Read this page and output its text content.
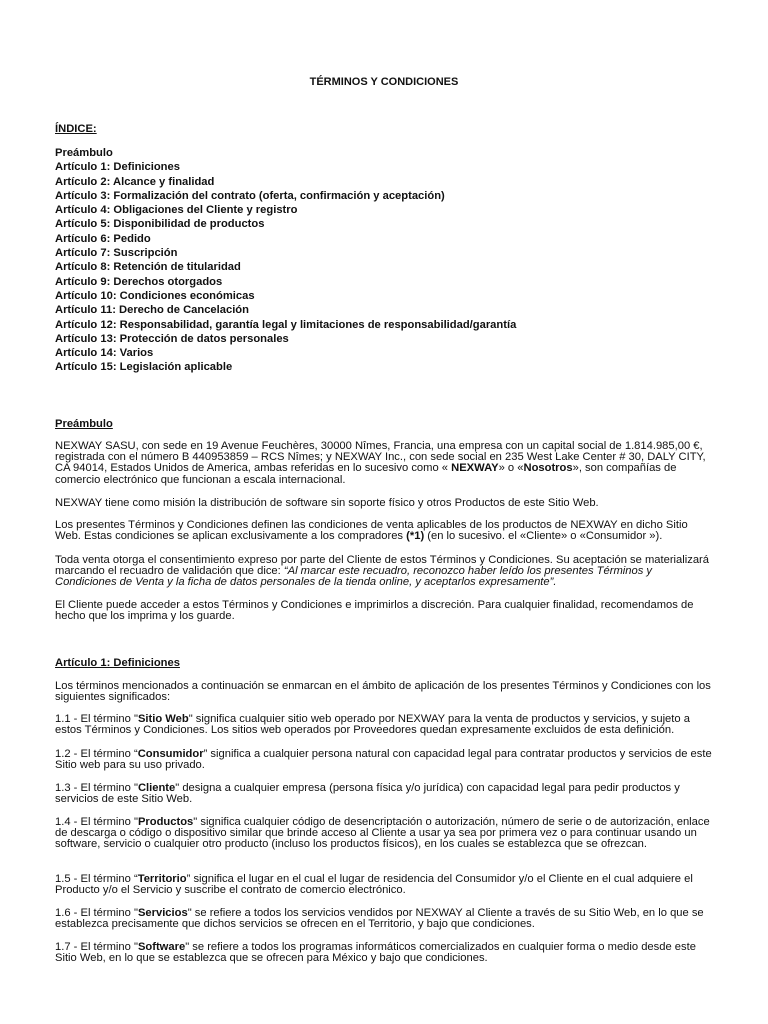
TÉRMINOS Y CONDICIONES
ÍNDICE:
Preámbulo
Artículo 1: Definiciones
Artículo 2: Alcance y finalidad
Artículo 3: Formalización del contrato (oferta, confirmación y aceptación)
Artículo 4: Obligaciones del Cliente y registro
Artículo 5: Disponibilidad de productos
Artículo 6: Pedido
Artículo 7: Suscripción
Artículo 8: Retención de titularidad
Artículo 9: Derechos otorgados
Artículo 10: Condiciones económicas
Artículo 11: Derecho de Cancelación
Artículo 12: Responsabilidad, garantía legal y limitaciones de responsabilidad/garantía
Artículo 13: Protección de datos personales
Artículo 14: Varios
Artículo 15: Legislación aplicable
Preámbulo

NEXWAY SASU, con sede en 19 Avenue Feuchères, 30000 Nîmes, Francia, una empresa con un capital social de 1.814.985,00 €, registrada con el número B 440953859 – RCS Nîmes; y NEXWAY Inc., con sede social en 235 West Lake Center # 30, DALY CITY, CA 94014, Estados Unidos de America, ambas referidas en lo sucesivo como « NEXWAY» o «Nosotros», son compañías de comercio electrónico que funcionan a escala internacional.

NEXWAY tiene como misión la distribución de software sin soporte físico y otros Productos de este Sitio Web.

Los presentes Términos y Condiciones definen las condiciones de venta aplicables de los productos de NEXWAY en dicho Sitio Web. Estas condiciones se aplican exclusivamente a los compradores (*1) (en lo sucesivo. el «Cliente» o «Consumidor »).

Toda venta otorga el consentimiento expreso por parte del Cliente de estos Términos y Condiciones. Su aceptación se materializará marcando el recuadro de validación que dice: “Al marcar este recuadro, reconozco haber leído los presentes Términos y Condiciones de Venta y la ficha de datos personales de la tienda online, y aceptarlos expresamente”.

El Cliente puede acceder a estos Términos y Condiciones e imprimirlos a discreción. Para cualquier finalidad, recomendamos de hecho que los imprima y los guarde.

Artículo 1: Definiciones

Los términos mencionados a continuación se enmarcan en el ámbito de aplicación de los presentes Términos y Condiciones con los siguientes significados:

1.1 - El término "Sitio Web" significa cualquier sitio web operado por NEXWAY para la venta de productos y servicios, y sujeto a estos Términos y Condiciones. Los sitios web operados por Proveedores quedan expresamente excluidos de esta definición.

1.2 - El término “Consumidor” significa a cualquier persona natural con capacidad legal para contratar productos y servicios de este Sitio web para su uso privado.

1.3 - El término "Cliente" designa a cualquier empresa (persona física y/o jurídica) con capacidad legal para pedir productos y servicios de este Sitio Web.

1.4 - El término "Productos" significa cualquier código de desencriptación o autorización, número de serie o de autorización, enlace de descarga o código o dispositivo similar que brinde acceso al Cliente a usar ya sea por primera vez o para continuar usando un software, servicio o cualquier otro producto (incluso los productos físicos), en los cuales se establezca que se ofrezcan.

1.5 - El término “Territorio” significa el lugar en el cual el lugar de residencia del Consumidor y/o el Cliente en el cual adquiere el Producto y/o el Servicio y suscribe el contrato de comercio electrónico.

1.6 - El término "Servicios" se refiere a todos los servicios vendidos por NEXWAY al Cliente a través de su Sitio Web, en lo que se establezca precisamente que dichos servicios se ofrecen en el Territorio, y bajo que condiciones.

1.7 - El término "Software" se refiere a todos los programas informáticos comercializados en cualquier forma o medio desde este Sitio Web, en lo que se establezca que se ofrecen para México y bajo que condiciones.
